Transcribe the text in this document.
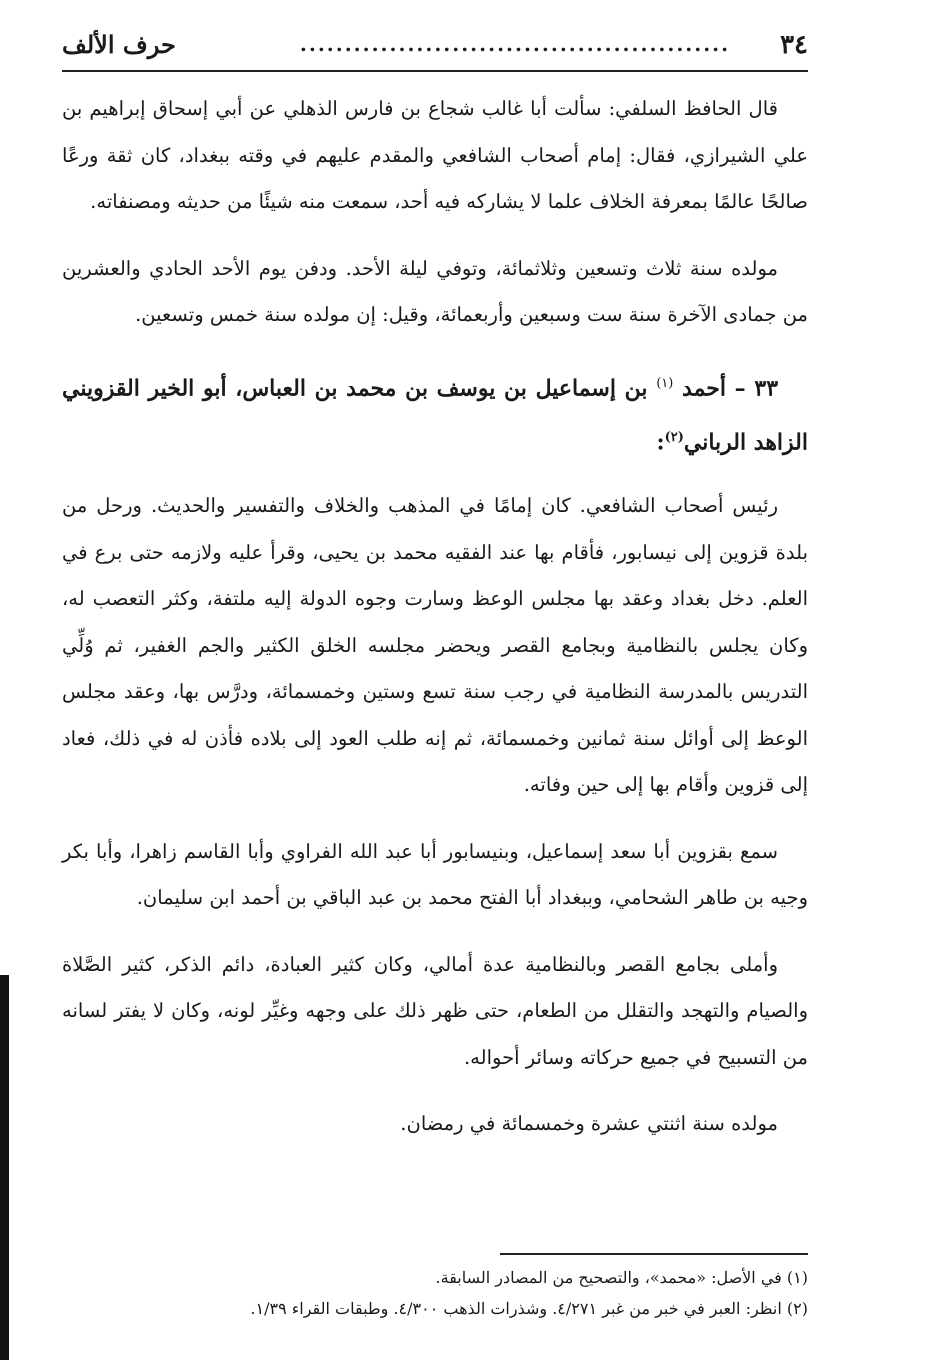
٣٤
................................................
حرف الألف

قال الحافظ السلفي: سألت أبا غالب شجاع بن فارس الذهلي عن أبي إسحاق إبراهيم بن علي الشيرازي، فقال: إمام أصحاب الشافعي والمقدم عليهم في وقته ببغداد، كان ثقة ورعًا صالحًا عالمًا بمعرفة الخلاف علما لا يشاركه فيه أحد، سمعت منه شيئًا من حديثه ومصنفاته.

مولده سنة ثلاث وتسعين وثلاثمائة، وتوفي ليلة الأحد. ودفن يوم الأحد الحادي والعشرين من جمادى الآخرة سنة ست وسبعين وأربعمائة، وقيل: إن مولده سنة خمس وتسعين.

٣٣ – أحمد $^{(١)}$ بن إسماعيل بن يوسف بن محمد بن العباس، أبو الخير القزويني الزاهد الرباني$^{(٢)}$:

رئيس أصحاب الشافعي. كان إمامًا في المذهب والخلاف والتفسير والحديث. ورحل من بلدة قزوين إلى نيسابور، فأقام بها عند الفقيه محمد بن يحيى، وقرأ عليه ولازمه حتى برع في العلم. دخل بغداد وعقد بها مجلس الوعظ وسارت وجوه الدولة إليه ملتفة، وكثر التعصب له، وكان يجلس بالنظامية وبجامع القصر ويحضر مجلسه الخلق الكثير والجم الغفير، ثم وُلِّي التدريس بالمدرسة النظامية في رجب سنة تسع وستين وخمسمائة، ودرَّس بها، وعقد مجلس الوعظ إلى أوائل سنة ثمانين وخمسمائة، ثم إنه طلب العود إلى بلاده فأذن له في ذلك، فعاد إلى قزوين وأقام بها إلى حين وفاته.

سمع بقزوين أبا سعد إسماعيل، وبنيسابور أبا عبد الله الفراوي وأبا القاسم زاهرا، وأبا بكر وجيه بن طاهر الشحامي، وببغداد أبا الفتح محمد بن عبد الباقي بن أحمد ابن سليمان.

وأملى بجامع القصر وبالنظامية عدة أمالي، وكان كثير العبادة، دائم الذكر، كثير الصَّلاة والصيام والتهجد والتقلل من الطعام، حتى ظهر ذلك على وجهه وغيِّر لونه، وكان لا يفتر لسانه من التسبيح في جميع حركاته وسائر أحواله.

مولده سنة اثنتي عشرة وخمسمائة في رمضان.

(١) في الأصل: «محمد»، والتصحيح من المصادر السابقة.

(٢) انظر: العبر في خبر من غبر ٤/٢٧١. وشذرات الذهب ٤/٣٠٠. وطبقات القراء ١/٣٩.
